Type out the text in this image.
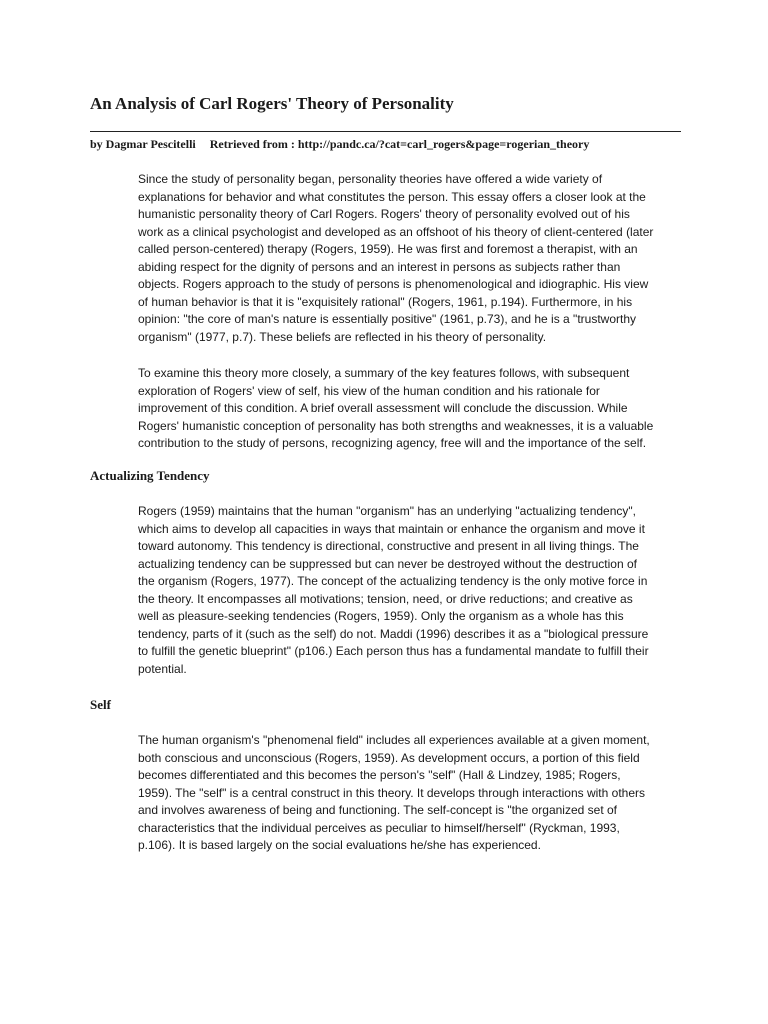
An Analysis of Carl Rogers' Theory of Personality
by Dagmar Pescitelli Retrieved from : http://pandc.ca/?cat=carl_rogers&page=rogerian_theory

Since the study of personality began, personality theories have offered a wide variety of
explanations for behavior and what constitutes the person. This essay offers a closer look at the
humanistic personality theory of Carl Rogers. Rogers' theory of personality evolved out of his
work as a clinical psychologist and developed as an offshoot of his theory of client-centered (later
called person-centered) therapy (Rogers, 1959). He was first and foremost a therapist, with an
abiding respect for the dignity of persons and an interest in persons as subjects rather than
objects. Rogers approach to the study of persons is phenomenological and idiographic. His view
of human behavior is that it is "exquisitely rational" (Rogers, 1961, p.194). Furthermore, in his
opinion: "the core of man's nature is essentially positive" (1961, p.73), and he is a "trustworthy
organism" (1977, p.7). These beliefs are reflected in his theory of personality.

To examine this theory more closely, a summary of the key features follows, with subsequent
exploration of Rogers' view of self, his view of the human condition and his rationale for
improvement of this condition. A brief overall assessment will conclude the discussion. While
Rogers' humanistic conception of personality has both strengths and weaknesses, it is a valuable
contribution to the study of persons, recognizing agency, free will and the importance of the self.

Actualizing Tendency

Rogers (1959) maintains that the human "organism" has an underlying "actualizing tendency",
which aims to develop all capacities in ways that maintain or enhance the organism and move it
toward autonomy. This tendency is directional, constructive and present in all living things. The
actualizing tendency can be suppressed but can never be destroyed without the destruction of
the organism (Rogers, 1977). The concept of the actualizing tendency is the only motive force in
the theory. It encompasses all motivations; tension, need, or drive reductions; and creative as
well as pleasure-seeking tendencies (Rogers, 1959). Only the organism as a whole has this
tendency, parts of it (such as the self) do not. Maddi (1996) describes it as a "biological pressure
to fulfill the genetic blueprint" (p106.) Each person thus has a fundamental mandate to fulfill their
potential.

Self

The human organism's "phenomenal field" includes all experiences available at a given moment,
both conscious and unconscious (Rogers, 1959). As development occurs, a portion of this field
becomes differentiated and this becomes the person's "self" (Hall & Lindzey, 1985; Rogers,
1959). The "self" is a central construct in this theory. It develops through interactions with others
and involves awareness of being and functioning. The self-concept is "the organized set of
characteristics that the individual perceives as peculiar to himself/herself" (Ryckman, 1993,
p.106). It is based largely on the social evaluations he/she has experienced.
